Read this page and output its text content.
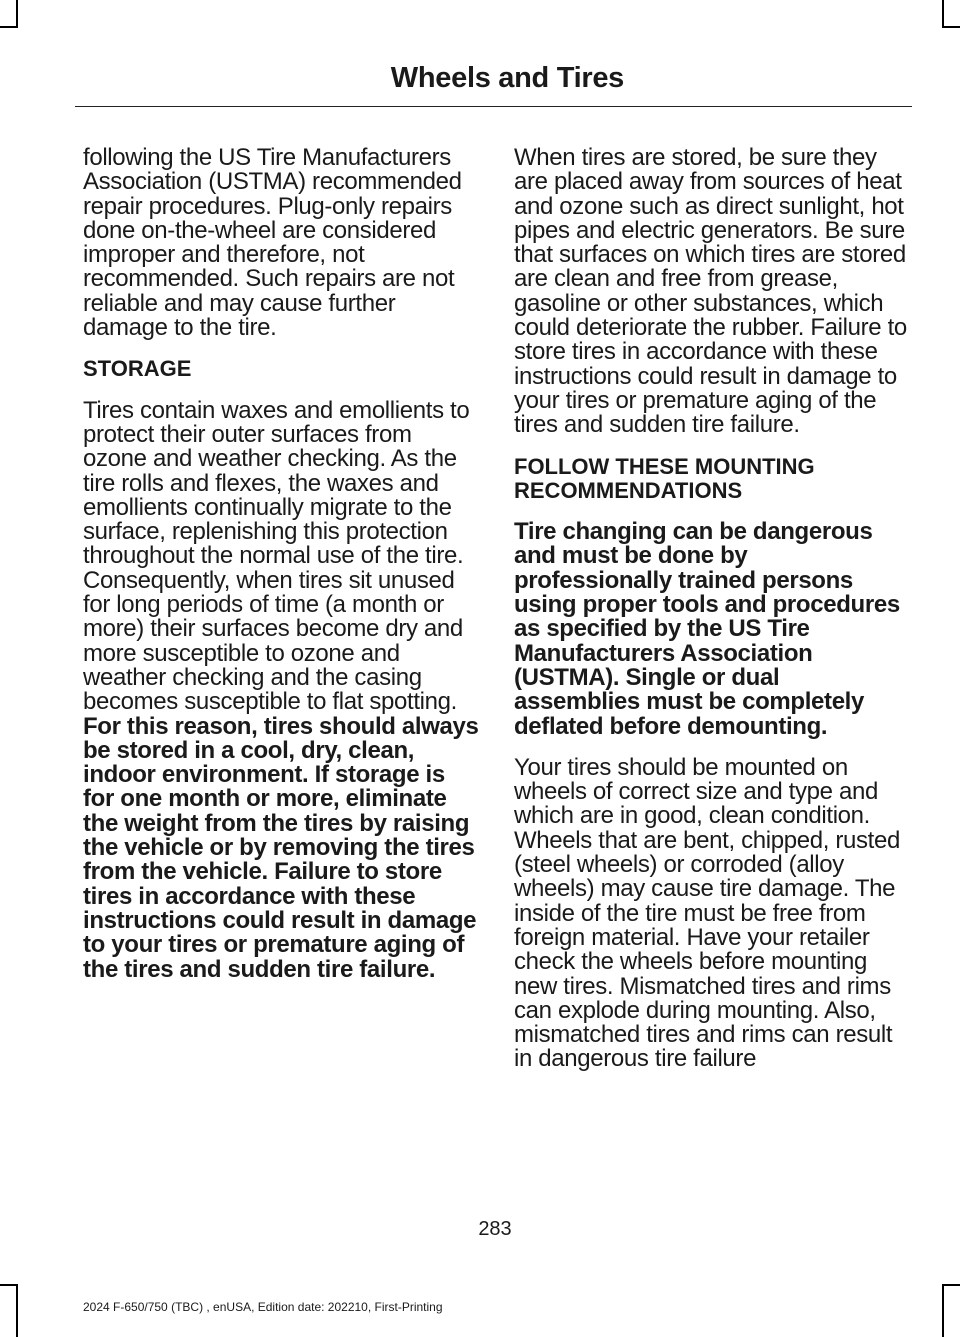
Wheels and Tires

following the US Tire Manufacturers Association (USTMA) recommended repair procedures. Plug-only repairs done on-the-wheel are considered improper and therefore, not recommended. Such repairs are not reliable and may cause further damage to the tire.

STORAGE

Tires contain waxes and emollients to protect their outer surfaces from ozone and weather checking. As the tire rolls and flexes, the waxes and emollients continually migrate to the surface, replenishing this protection throughout the normal use of the tire. Consequently, when tires sit unused for long periods of time (a month or more) their surfaces become dry and more susceptible to ozone and weather checking and the casing becomes susceptible to flat spotting. For this reason, tires should always be stored in a cool, dry, clean, indoor environment. If storage is for one month or more, eliminate the weight from the tires by raising the vehicle or by removing the tires from the vehicle. Failure to store tires in accordance with these instructions could result in damage to your tires or premature aging of the tires and sudden tire failure.

When tires are stored, be sure they are placed away from sources of heat and ozone such as direct sunlight, hot pipes and electric generators. Be sure that surfaces on which tires are stored are clean and free from grease, gasoline or other substances, which could deteriorate the rubber. Failure to store tires in accordance with these instructions could result in damage to your tires or premature aging of the tires and sudden tire failure.

FOLLOW THESE MOUNTING RECOMMENDATIONS

Tire changing can be dangerous and must be done by professionally trained persons using proper tools and procedures as specified by the US Tire Manufacturers Association (USTMA). Single or dual assemblies must be completely deflated before demounting.

Your tires should be mounted on wheels of correct size and type and which are in good, clean condition. Wheels that are bent, chipped, rusted (steel wheels) or corroded (alloy wheels) may cause tire damage. The inside of the tire must be free from foreign material. Have your retailer check the wheels before mounting new tires. Mismatched tires and rims can explode during mounting. Also, mismatched tires and rims can result in dangerous tire failure

283
2024 F-650/750 (TBC) , enUSA, Edition date: 202210, First-Printing
